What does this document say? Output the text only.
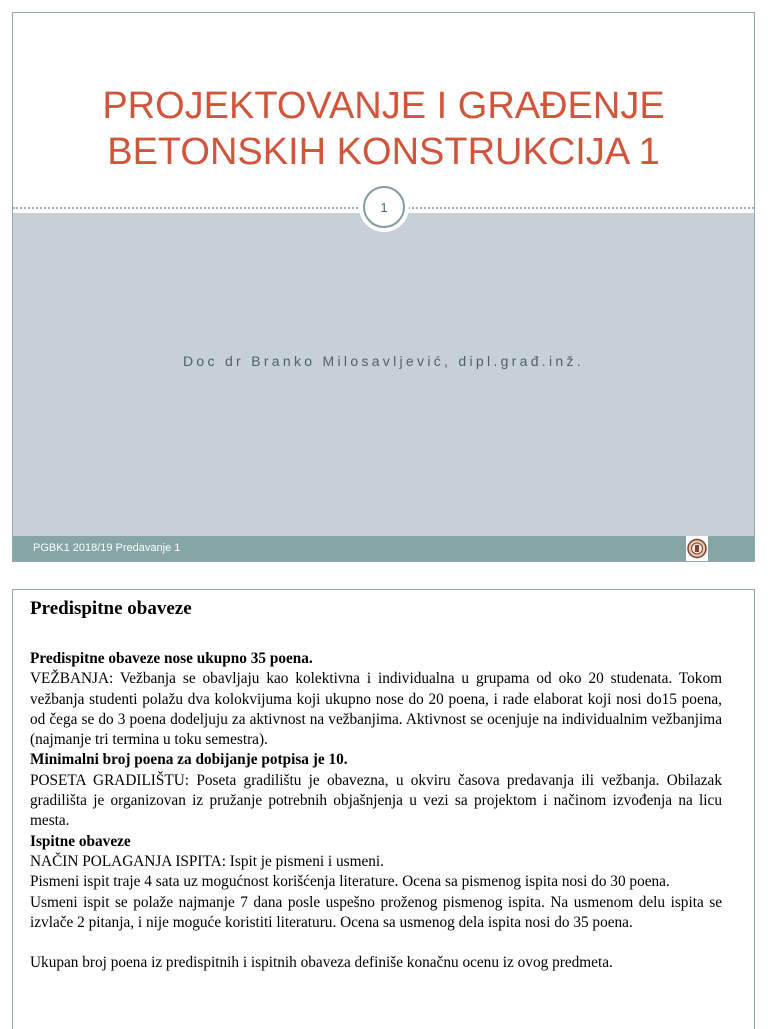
PROJEKTOVANJE I GRAĐENJE
BETONSKIH KONSTRUKCIJA 1
1
Doc dr Branko Milosavljević, dipl.građ.inž.
PGBK1 2018/19 Predavanje 1
Predispitne obaveze

Predispitne obaveze nose ukupno 35 poena.

VEŽBANJA: Vežbanja se obavljaju kao kolektivna i individualna u grupama od oko 20 studenata. Tokom vežbanja studenti polažu dva kolokvijuma koji ukupno nose do 20 poena, i rade elaborat koji nosi do15 poena, od čega se do 3 poena dodeljuju za aktivnost na vežbanjima. Aktivnost se ocenjuje na individualnim vežbanjima (najmanje tri termina u toku semestra).

Minimalni broj poena za dobijanje potpisa je 10.

POSETA GRADILIŠTU: Poseta gradilištu je obavezna, u okviru časova predavanja ili vežbanja. Obilazak gradilišta je organizovan iz pružanje potrebnih objašnjenja u vezi sa projektom i načinom izvođenja na licu mesta.

Ispitne obaveze

NAČIN POLAGANJA ISPITA: Ispit je pismeni i usmeni.

Pismeni ispit traje 4 sata uz mogućnost korišćenja literature. Ocena sa pismenog ispita nosi do 30 poena.

Usmeni ispit se polaže najmanje 7 dana posle uspešno proženog pismenog ispita. Na usmenom delu ispita se izvlače 2 pitanja, i nije moguće koristiti literaturu. Ocena sa usmenog dela ispita nosi do 35 poena.

Ukupan broj poena iz predispitnih i ispitnih obaveza definiše konačnu ocenu iz ovog predmeta.
